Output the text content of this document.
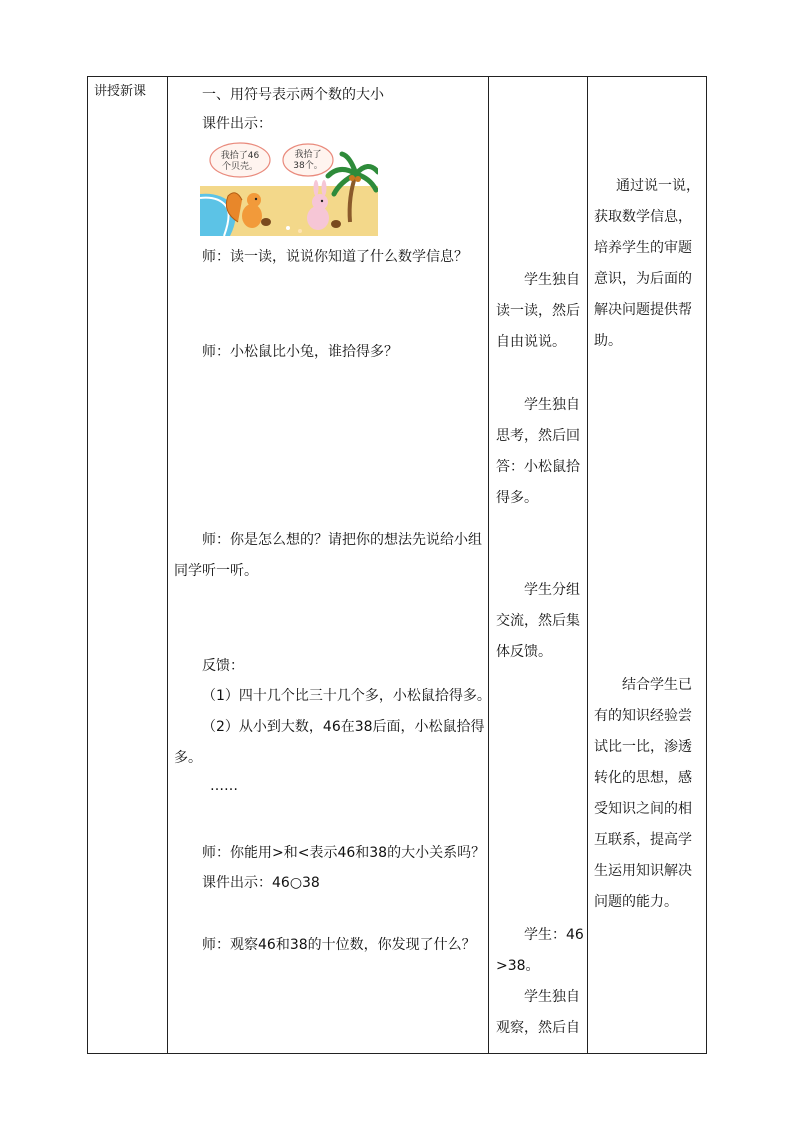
讲授新课	一、用符号表示两个数的大小
课件出示：
我拾了46
个贝壳。
我拾了
38个。
师：读一读，说说你知道了什么数学信息？
师：小松鼠比小兔，谁拾得多？
师：你是怎么想的？请把你的想法先说给小组
同学听一听。
反馈：
（1）四十几个比三十几个多，小松鼠拾得多。
（2）从小到大数，46在38后面，小松鼠拾得
多。
……
师：你能用>和<表示46和38的大小关系吗？
课件出示：46○38
师：观察46和38的十位数，你发现了什么？
学生独自
读一读，然后
自由说说。
学生独自
思考，然后回
答：小松鼠拾
得多。
学生分组
交流，然后集
体反馈。
学生：46
>38。
学生独自
观察，然后自
通过说一说，
获取数学信息，
培养学生的审题
意识，为后面的
解决问题提供帮
助。
结合学生已
有的知识经验尝
试比一比，渗透
转化的思想，感
受知识之间的相
互联系，提高学
生运用知识解决
问题的能力。
